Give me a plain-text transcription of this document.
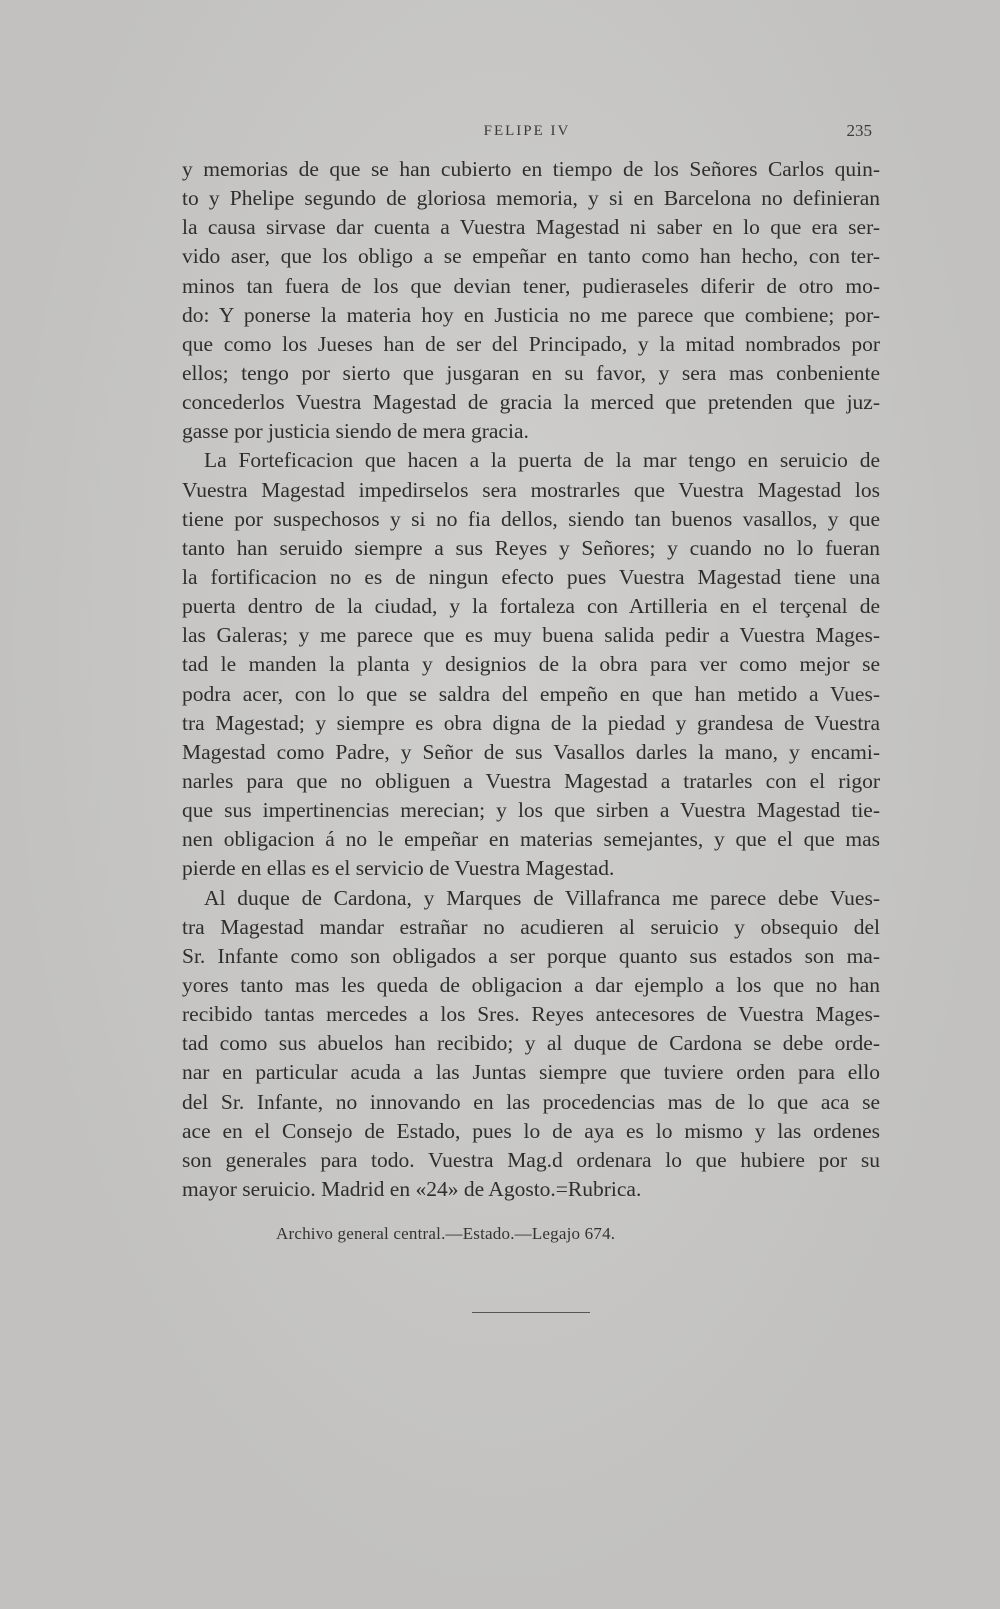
FELIPE IV	235
y memorias de que se han cubierto en tiempo de los Señores Carlos quin-
to y Phelipe segundo de gloriosa memoria, y si en Barcelona no definieran
la causa sirvase dar cuenta a Vuestra Magestad ni saber en lo que era ser-
vido aser, que los obligo a se empeñar en tanto como han hecho, con ter-
minos tan fuera de los que devian tener, pudieraseles diferir de otro mo-
do: Y ponerse la materia hoy en Justicia no me parece que combiene; por-
que como los Jueses han de ser del Principado, y la mitad nombrados por
ellos; tengo por sierto que jusgaran en su favor, y sera mas conbeniente
concederlos Vuestra Magestad de gracia la merced que pretenden que juz-
gasse por justicia siendo de mera gracia.
La Forteficacion que hacen a la puerta de la mar tengo en seruicio de
Vuestra Magestad impedirselos sera mostrarles que Vuestra Magestad los
tiene por suspechosos y si no fia dellos, siendo tan buenos vasallos, y que
tanto han seruido siempre a sus Reyes y Señores; y cuando no lo fueran
la fortificacion no es de ningun efecto pues Vuestra Magestad tiene una
puerta dentro de la ciudad, y la fortaleza con Artilleria en el terçenal de
las Galeras; y me parece que es muy buena salida pedir a Vuestra Mages-
tad le manden la planta y designios de la obra para ver como mejor se
podra acer, con lo que se saldra del empeño en que han metido a Vues-
tra Magestad; y siempre es obra digna de la piedad y grandesa de Vuestra
Magestad como Padre, y Señor de sus Vasallos darles la mano, y encami-
narles para que no obliguen a Vuestra Magestad a tratarles con el rigor
que sus impertinencias merecian; y los que sirben a Vuestra Magestad tie-
nen obligacion á no le empeñar en materias semejantes, y que el que mas
pierde en ellas es el servicio de Vuestra Magestad.
Al duque de Cardona, y Marques de Villafranca me parece debe Vues-
tra Magestad mandar estrañar no acudieren al seruicio y obsequio del
Sr. Infante como son obligados a ser porque quanto sus estados son ma-
yores tanto mas les queda de obligacion a dar ejemplo a los que no han
recibido tantas mercedes a los Sres. Reyes antecesores de Vuestra Mages-
tad como sus abuelos han recibido; y al duque de Cardona se debe orde-
nar en particular acuda a las Juntas siempre que tuviere orden para ello
del Sr. Infante, no innovando en las procedencias mas de lo que aca se
ace en el Consejo de Estado, pues lo de aya es lo mismo y las ordenes
son generales para todo. Vuestra Mag.d ordenara lo que hubiere por su
mayor seruicio. Madrid en «24» de Agosto.=Rubrica.
Archivo general central.—Estado.—Legajo 674.
